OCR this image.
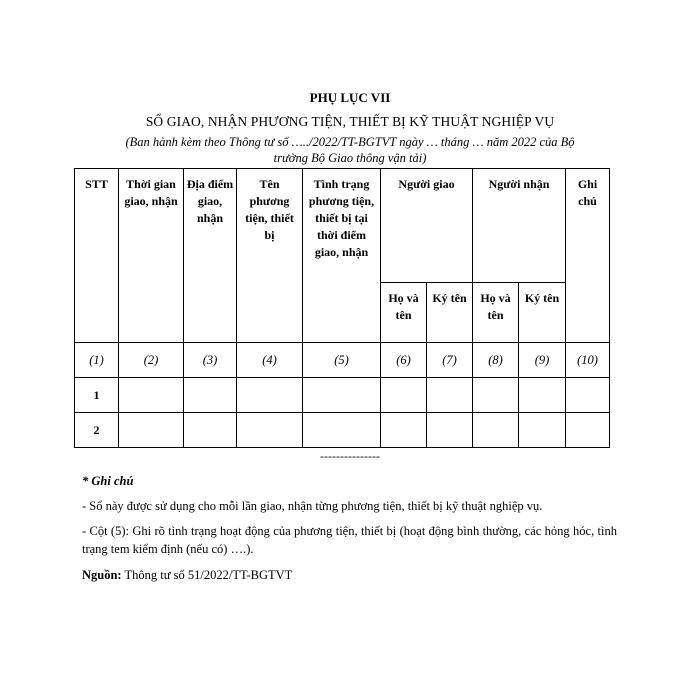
PHỤ LỤC VII
SỔ GIAO, NHẬN PHƯƠNG TIỆN, THIẾT BỊ KỸ THUẬT NGHIỆP VỤ
(Ban hành kèm theo Thông tư số …../2022/TT-BGTVT ngày … tháng … năm 2022 của Bộ
trưởng Bộ Giao thông vận tải)
STT	Thời gian giao, nhận	Địa điểm giao, nhận	Tên phương tiện, thiết bị	Tình trạng phương tiện, thiết bị tại thời điểm giao, nhận	Người giao		Người nhận		Ghi chú
					Họ và tên	Ký tên	Họ và tên	Ký tên	
(1)	(2)	(3)	(4)	(5)	(6)	(7)	(8)	(9)	(10)
1									
2									
---------------
* Ghi chú
- Sổ này được sử dụng cho mỗi lần giao, nhận từng phương tiện, thiết bị kỹ thuật nghiệp vụ.
- Cột (5): Ghi rõ tình trạng hoạt động của phương tiện, thiết bị (hoạt động bình thường, các hỏng hóc, tình trạng tem kiểm định (nếu có) ….).
Nguồn: Thông tư số 51/2022/TT-BGTVT
